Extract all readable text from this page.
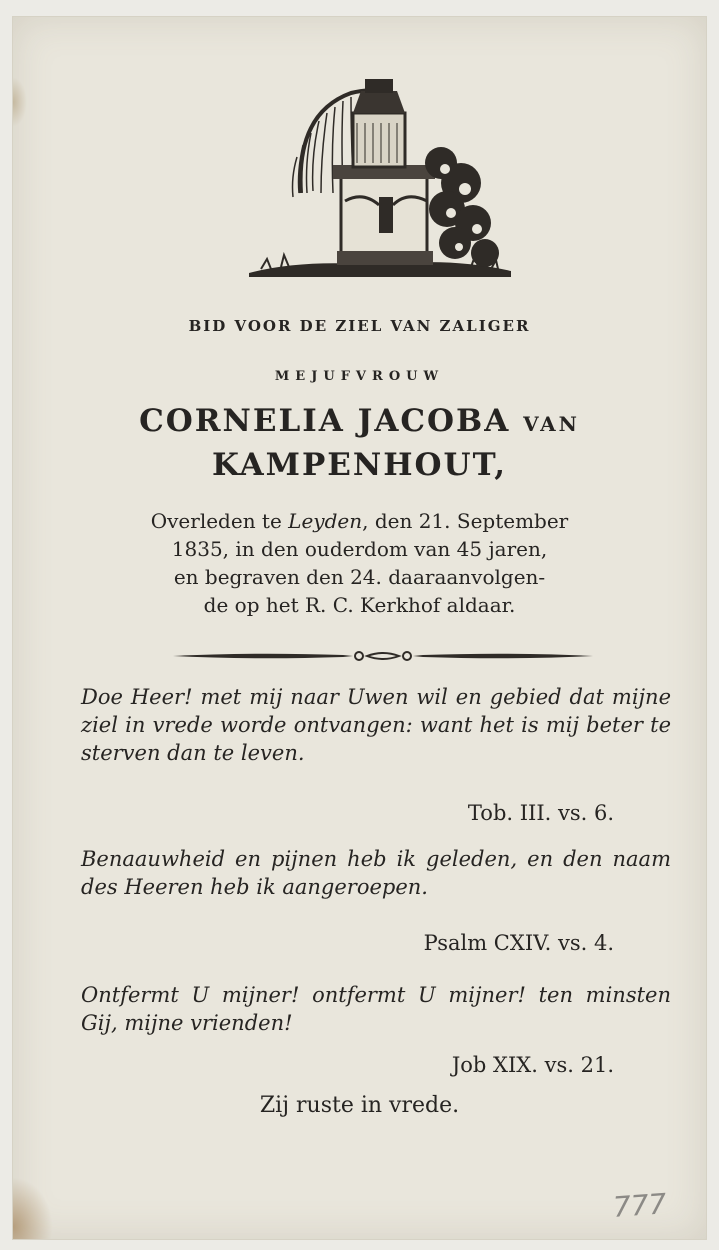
BID VOOR DE ZIEL VAN ZALIGER
MEJUFVROUW
CORNELIA JACOBA VAN
KAMPENHOUT,
Overleden te Leyden, den 21. September
1835, in den ouderdom van 45 jaren,
en begraven den 24. daaraanvolgen-
de op het R. C. Kerkhof aldaar.
Doe Heer! met mij naar Uwen wil en gebied dat mijne ziel in vrede worde ontvangen: want het is mij beter te sterven dan te leven.
Tob. III. vs. 6.
Benaauwheid en pijnen heb ik geleden, en den naam des Heeren heb ik aangeroepen.
Psalm CXIV. vs. 4.
Ontfermt U mijner! ontfermt U mijner! ten minsten Gij, mijne vrienden!
Job XIX. vs. 21.
Zij ruste in vrede.
777
